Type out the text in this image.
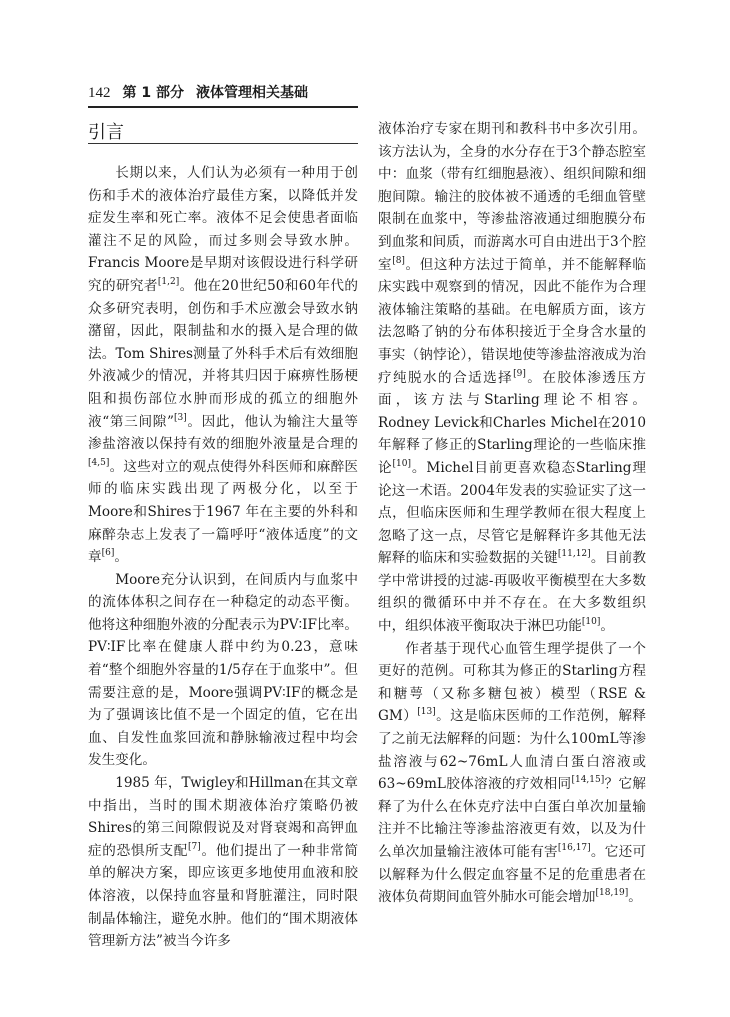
142 第 1 部分 液体管理相关基础
引言

长期以来，人们认为必须有一种用于创伤和手术的液体治疗最佳方案，以降低并发症发生率和死亡率。液体不足会使患者面临灌注不足的风险，而过多则会导致水肿。Francis Moore是早期对该假设进行科学研究的研究者[1,2]。他在20世纪50和60年代的众多研究表明，创伤和手术应激会导致水钠潴留，因此，限制盐和水的摄入是合理的做法。Tom Shires测量了外科手术后有效细胞外液减少的情况，并将其归因于麻痹性肠梗阻和损伤部位水肿而形成的孤立的细胞外液“第三间隙”[3]。因此，他认为输注大量等渗盐溶液以保持有效的细胞外液量是合理的[4,5]。这些对立的观点使得外科医师和麻醉医师的临床实践出现了两极分化，以至于Moore和Shires于1967 年在主要的外科和麻醉杂志上发表了一篇呼吁“液体适度”的文章[6]。

Moore充分认识到，在间质内与血浆中的流体体积之间存在一种稳定的动态平衡。他将这种细胞外液的分配表示为PV∶IF比率。PV∶IF比率在健康人群中约为0.23，意味着“整个细胞外容量的1/5存在于血浆中”。但需要注意的是，Moore强调PV∶IF的概念是为了强调该比值不是一个固定的值，它在出血、自发性血浆回流和静脉输液过程中均会发生变化。

1985 年，Twigley和Hillman在其文章中指出，当时的围术期液体治疗策略仍被Shires的第三间隙假说及对肾衰竭和高钾血症的恐惧所支配[7]。他们提出了一种非常简单的解决方案，即应该更多地使用血液和胶体溶液，以保持血容量和肾脏灌注，同时限制晶体输注，避免水肿。他们的“围术期液体管理新方法”被当今许多

液体治疗专家在期刊和教科书中多次引用。该方法认为，全身的水分存在于3个静态腔室中：血浆（带有红细胞悬液）、组织间隙和细胞间隙。输注的胶体被不通透的毛细血管壁限制在血浆中，等渗盐溶液通过细胞膜分布到血浆和间质，而游离水可自由进出于3个腔室[8]。但这种方法过于简单，并不能解释临床实践中观察到的情况，因此不能作为合理液体输注策略的基础。在电解质方面，该方法忽略了钠的分布体积接近于全身含水量的事实（钠悖论），错误地使等渗盐溶液成为治疗纯脱水的合适选择[9]。在胶体渗透压方面，该方法与Starling理论不相容。Rodney Levick和Charles Michel在2010年解释了修正的Starling理论的一些临床推论[10]。Michel目前更喜欢稳态Starling理论这一术语。2004年发表的实验证实了这一点，但临床医师和生理学教师在很大程度上忽略了这一点，尽管它是解释许多其他无法解释的临床和实验数据的关键[11,12]。目前教学中常讲授的过滤-再吸收平衡模型在大多数组织的微循环中并不存在。在大多数组织中，组织体液平衡取决于淋巴功能[10]。

作者基于现代心血管生理学提供了一个更好的范例。可称其为修正的Starling方程和糖萼（又称多糖包被）模型（RSE & GM）[13]。这是临床医师的工作范例，解释了之前无法解释的问题：为什么100mL等渗盐溶液与62~76mL人血清白蛋白溶液或63~69mL胶体溶液的疗效相同[14,15]？它解释了为什么在休克疗法中白蛋白单次加量输注并不比输注等渗盐溶液更有效，以及为什么单次加量输注液体可能有害[16,17]。它还可以解释为什么假定血容量不足的危重患者在液体负荷期间血管外肺水可能会增加[18,19]。
